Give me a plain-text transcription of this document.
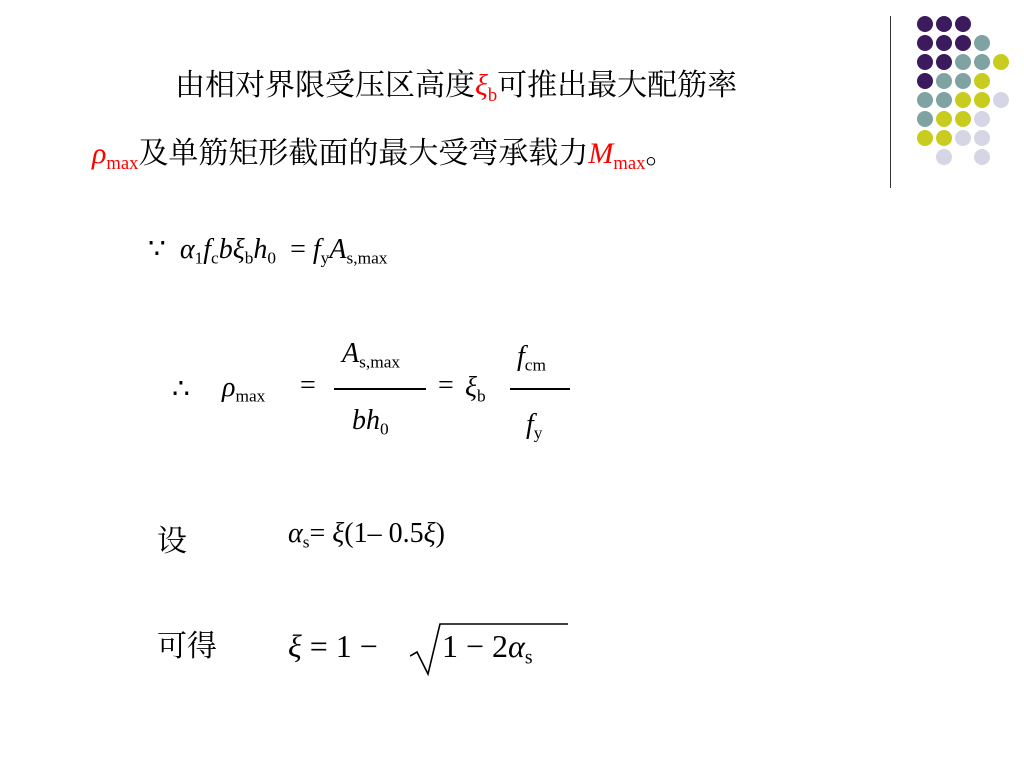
由相对界限受压区高度$\xi_b$可推出最大配筋率
$\rho_{max}$及单筋矩形截面的最大受弯承载力$M_{max}$。
∵ $\alpha_1f_cb\xi_bh_0 = f_yA_{s,max}$
∴ $\rho_{max}$ =
$A_{s,max}$
$bh_0$
= $\xi_b$
$f_{cm}$
$f_y$
设	$\alpha_s= \xi(1-$ 0.5ξ)
可得 $\xi = 1 - 1 - 2\alpha_s$
